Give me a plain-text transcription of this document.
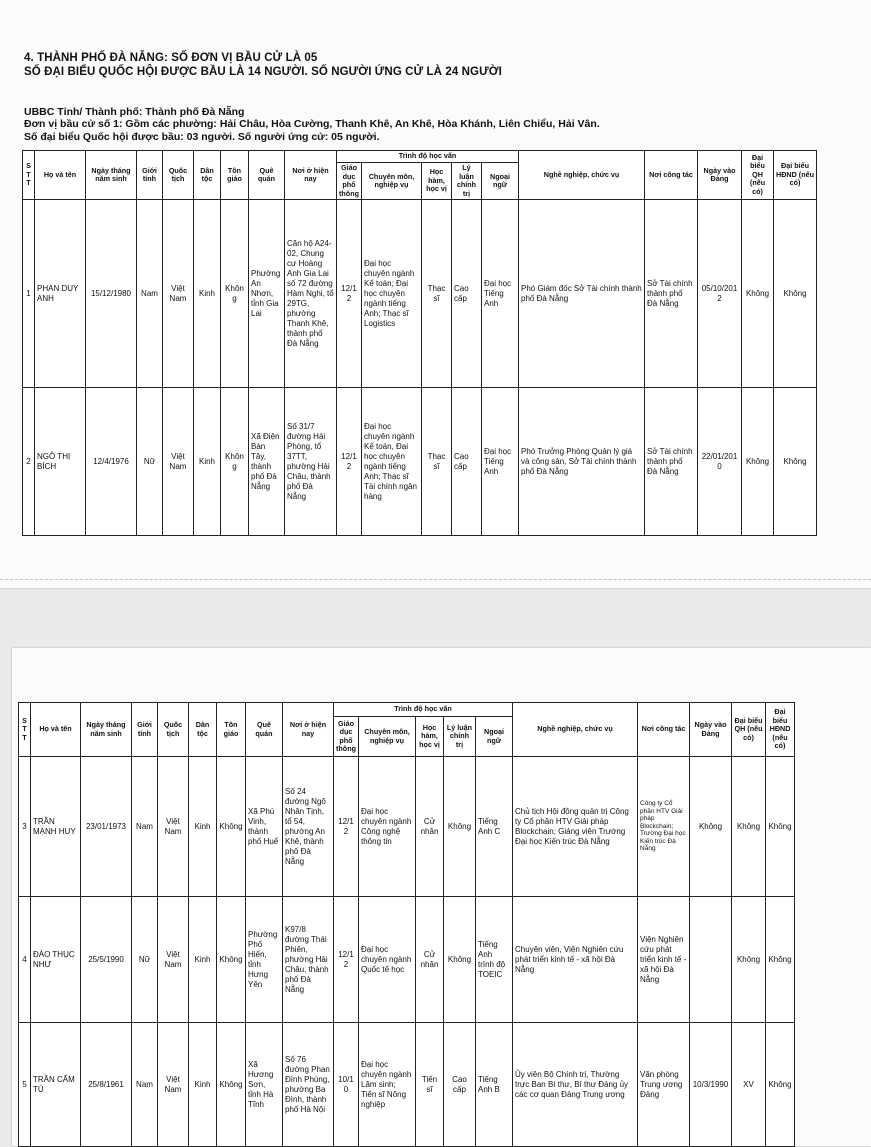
4. THÀNH PHỐ ĐÀ NẴNG: SỐ ĐƠN VỊ BẦU CỬ LÀ 05
SỐ ĐẠI BIỂU QUỐC HỘI ĐƯỢC BẦU LÀ 14 NGƯỜI. SỐ NGƯỜI ỨNG CỬ LÀ 24 NGƯỜI
UBBC Tỉnh/ Thành phố: Thành phố Đà Nẵng
Đơn vị bầu cử số 1: Gồm các phường: Hải Châu, Hòa Cường, Thanh Khê, An Khê, Hòa Khánh, Liên Chiểu, Hải Vân.
Số đại biểu Quốc hội được bầu: 03 người. Số người ứng cử: 05 người.
ST T	Họ và tên	Ngày tháng năm sinh	Giới tính	Quốc tịch	Dân tộc	Tôn giáo	Quê quán	Nơi ở hiện nay	Trình độ học vấn					Nghề nghiệp, chức vụ	Nơi công tác	Ngày vào Đảng	Đại biểu QH (nếu có)	Đại biểu HĐND (nếu có)
									Giáo dục phổ thông	Chuyên môn, nghiệp vụ	Học hàm, học vị	Lý luận chính trị	Ngoại ngữ					
1	PHAN DUY ANH	15/12/1980	Nam	Việt Nam	Kinh	Không	Phường An Nhơn, tỉnh Gia Lai	Căn hộ A24-02, Chung cư Hoàng Anh Gia Lai số 72 đường Hàm Nghi, tổ 29TG, phường Thanh Khê, thành phố Đà Nẵng	12/12	Đại học chuyên ngành Kế toán; Đại học chuyên ngành tiếng Anh; Thạc sĩ Logistics	Thạc sĩ	Cao cấp	Đại học Tiếng Anh	Phó Giám đốc Sở Tài chính thành phố Đà Nẵng	Sở Tài chính thành phố Đà Nẵng	05/10/2012	Không	Không
2	NGÔ THỊ BÍCH	12/4/1976	Nữ	Việt Nam	Kinh	Không	Xã Điện Bàn Tây, thành phố Đà Nẵng	Số 31/7 đường Hải Phòng, tổ 37TT, phường Hải Châu, thành phố Đà Nẵng	12/12	Đại học chuyên ngành Kế toán, Đại học chuyên ngành tiếng Anh; Thạc sĩ Tài chính ngân hàng	Thạc sĩ	Cao cấp	Đại học Tiếng Anh	Phó Trưởng Phòng Quản lý giá và công sản, Sở Tài chính thành phố Đà Nẵng	Sở Tài chính thành phố Đà Nẵng	22/01/2010	Không	Không
ST T	Họ và tên	Ngày tháng năm sinh	Giới tính	Quốc tịch	Dân tộc	Tôn giáo	Quê quán	Nơi ở hiện nay	Trình độ học vấn					Nghề nghiệp, chức vụ	Nơi công tác	Ngày vào Đảng	Đại biểu QH (nếu có)	Đại biểu HĐND (nếu có)
									Giáo dục phổ thông	Chuyên môn, nghiệp vụ	Học hàm, học vị	Lý luận chính trị	Ngoại ngữ					
3	TRẦN MẠNH HUY	23/01/1973	Nam	Việt Nam	Kinh	Không	Xã Phú Vinh, thành phố Huế	Số 24 đường Ngô Nhân Tịnh, tổ 54, phường An Khê, thành phố Đà Nẵng	12/12	Đại học chuyên ngành Công nghệ thông tin	Cử nhân	Không	Tiếng Anh C	Chủ tịch Hội đồng quản trị Công ty Cổ phần HTV Giải pháp Blockchain; Giảng viên Trường Đại học Kiến trúc Đà Nẵng	Công ty Cổ phần HTV Giải pháp Blockchain; Trường Đại học Kiến trúc Đà Nẵng	Không	Không	Không
4	ĐÀO THỤC NHƯ	25/5/1990	Nữ	Việt Nam	Kinh	Không	Phường Phố Hiến, tỉnh Hưng Yên	K97/8 đường Thái Phiên, phường Hải Châu, thành phố Đà Nẵng	12/12	Đại học chuyên ngành Quốc tế học	Cử nhân	Không	Tiếng Anh trình độ TOEIC	Chuyên viên, Viện Nghiên cứu phát triển kinh tế - xã hội Đà Nẵng	Viện Nghiên cứu phát triển kinh tế - xã hội Đà Nẵng		Không	Không
5	TRẦN CẨM TÚ	25/8/1961	Nam	Việt Nam	Kinh	Không	Xã Hương Sơn, tỉnh Hà Tĩnh	Số 76 đường Phan Đình Phùng, phường Ba Đình, thành phố Hà Nội	10/10	Đại học chuyên ngành Lâm sinh; Tiến sĩ Nông nghiệp	Tiến sĩ	Cao cấp	Tiếng Anh B	Ủy viên Bộ Chính trị, Thường trực Ban Bí thư, Bí thư Đảng ủy các cơ quan Đảng Trung ương	Văn phòng Trung ương Đảng	10/3/1990	XV	Không
